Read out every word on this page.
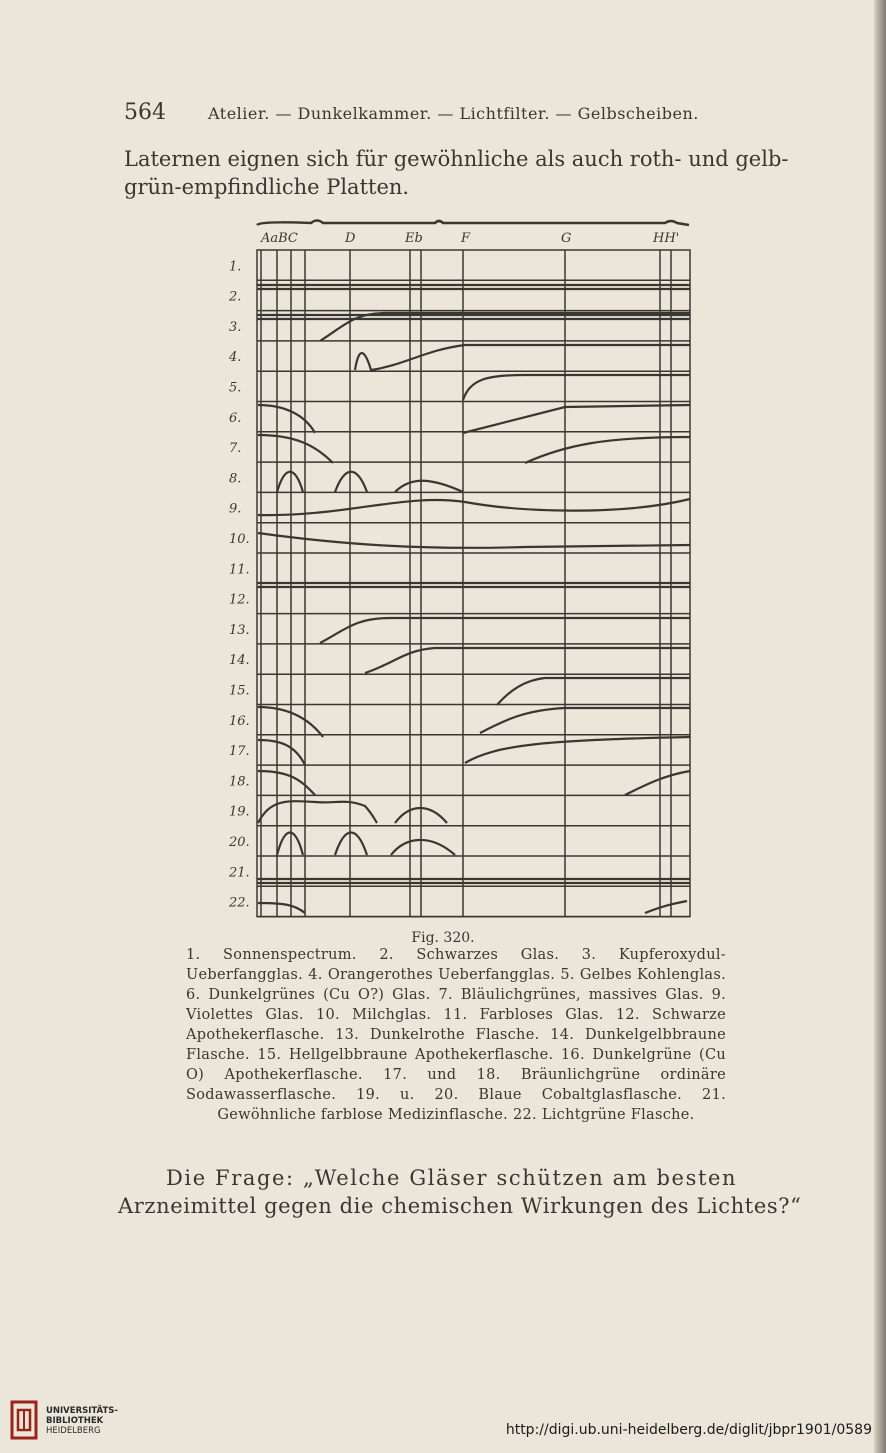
564	Atelier. — Dunkelkammer. — Lichtfilter. — Gelbscheiben.

Laternen eignen sich für gewöhnliche als auch roth- und gelb-grün-empfindliche Platten.

AaBC	D	Eb	F	G	HH'
1.
2.
3.
4.
5.
6.
7.
8.
9.
10.
11.
12.
13.
14.
15.
16.
17.
18.
19.
20.
21.
22.
Fig. 320.

1. Sonnenspectrum. 2. Schwarzes Glas. 3. Kupferoxydul-Ueberfangglas. 4. Orangerothes Ueberfangglas. 5. Gelbes Kohlenglas. 6. Dunkelgrünes (Cu O?) Glas. 7. Bläulichgrünes, massives Glas. 9. Violettes Glas. 10. Milchglas. 11. Farbloses Glas. 12. Schwarze Apothekerflasche. 13. Dunkelrothe Flasche. 14. Dunkelgelbbraune Flasche. 15. Hellgelbbraune Apothekerflasche. 16. Dunkelgrüne (Cu O) Apothekerflasche. 17. und 18. Bräunlichgrüne ordinäre Sodawasserflasche. 19. u. 20. Blaue Cobaltglasflasche. 21. Gewöhnliche farblose Medizinflasche. 22. Lichtgrüne Flasche.

Die Frage: „Welche Gläser schützen am besten
Arzneimittel gegen die chemischen Wirkungen des Lichtes?“

UNIVERSITÄTS-
BIBLIOTHEK
HEIDELBERG	http://digi.ub.uni-heidelberg.de/diglit/jbpr1901/0589
